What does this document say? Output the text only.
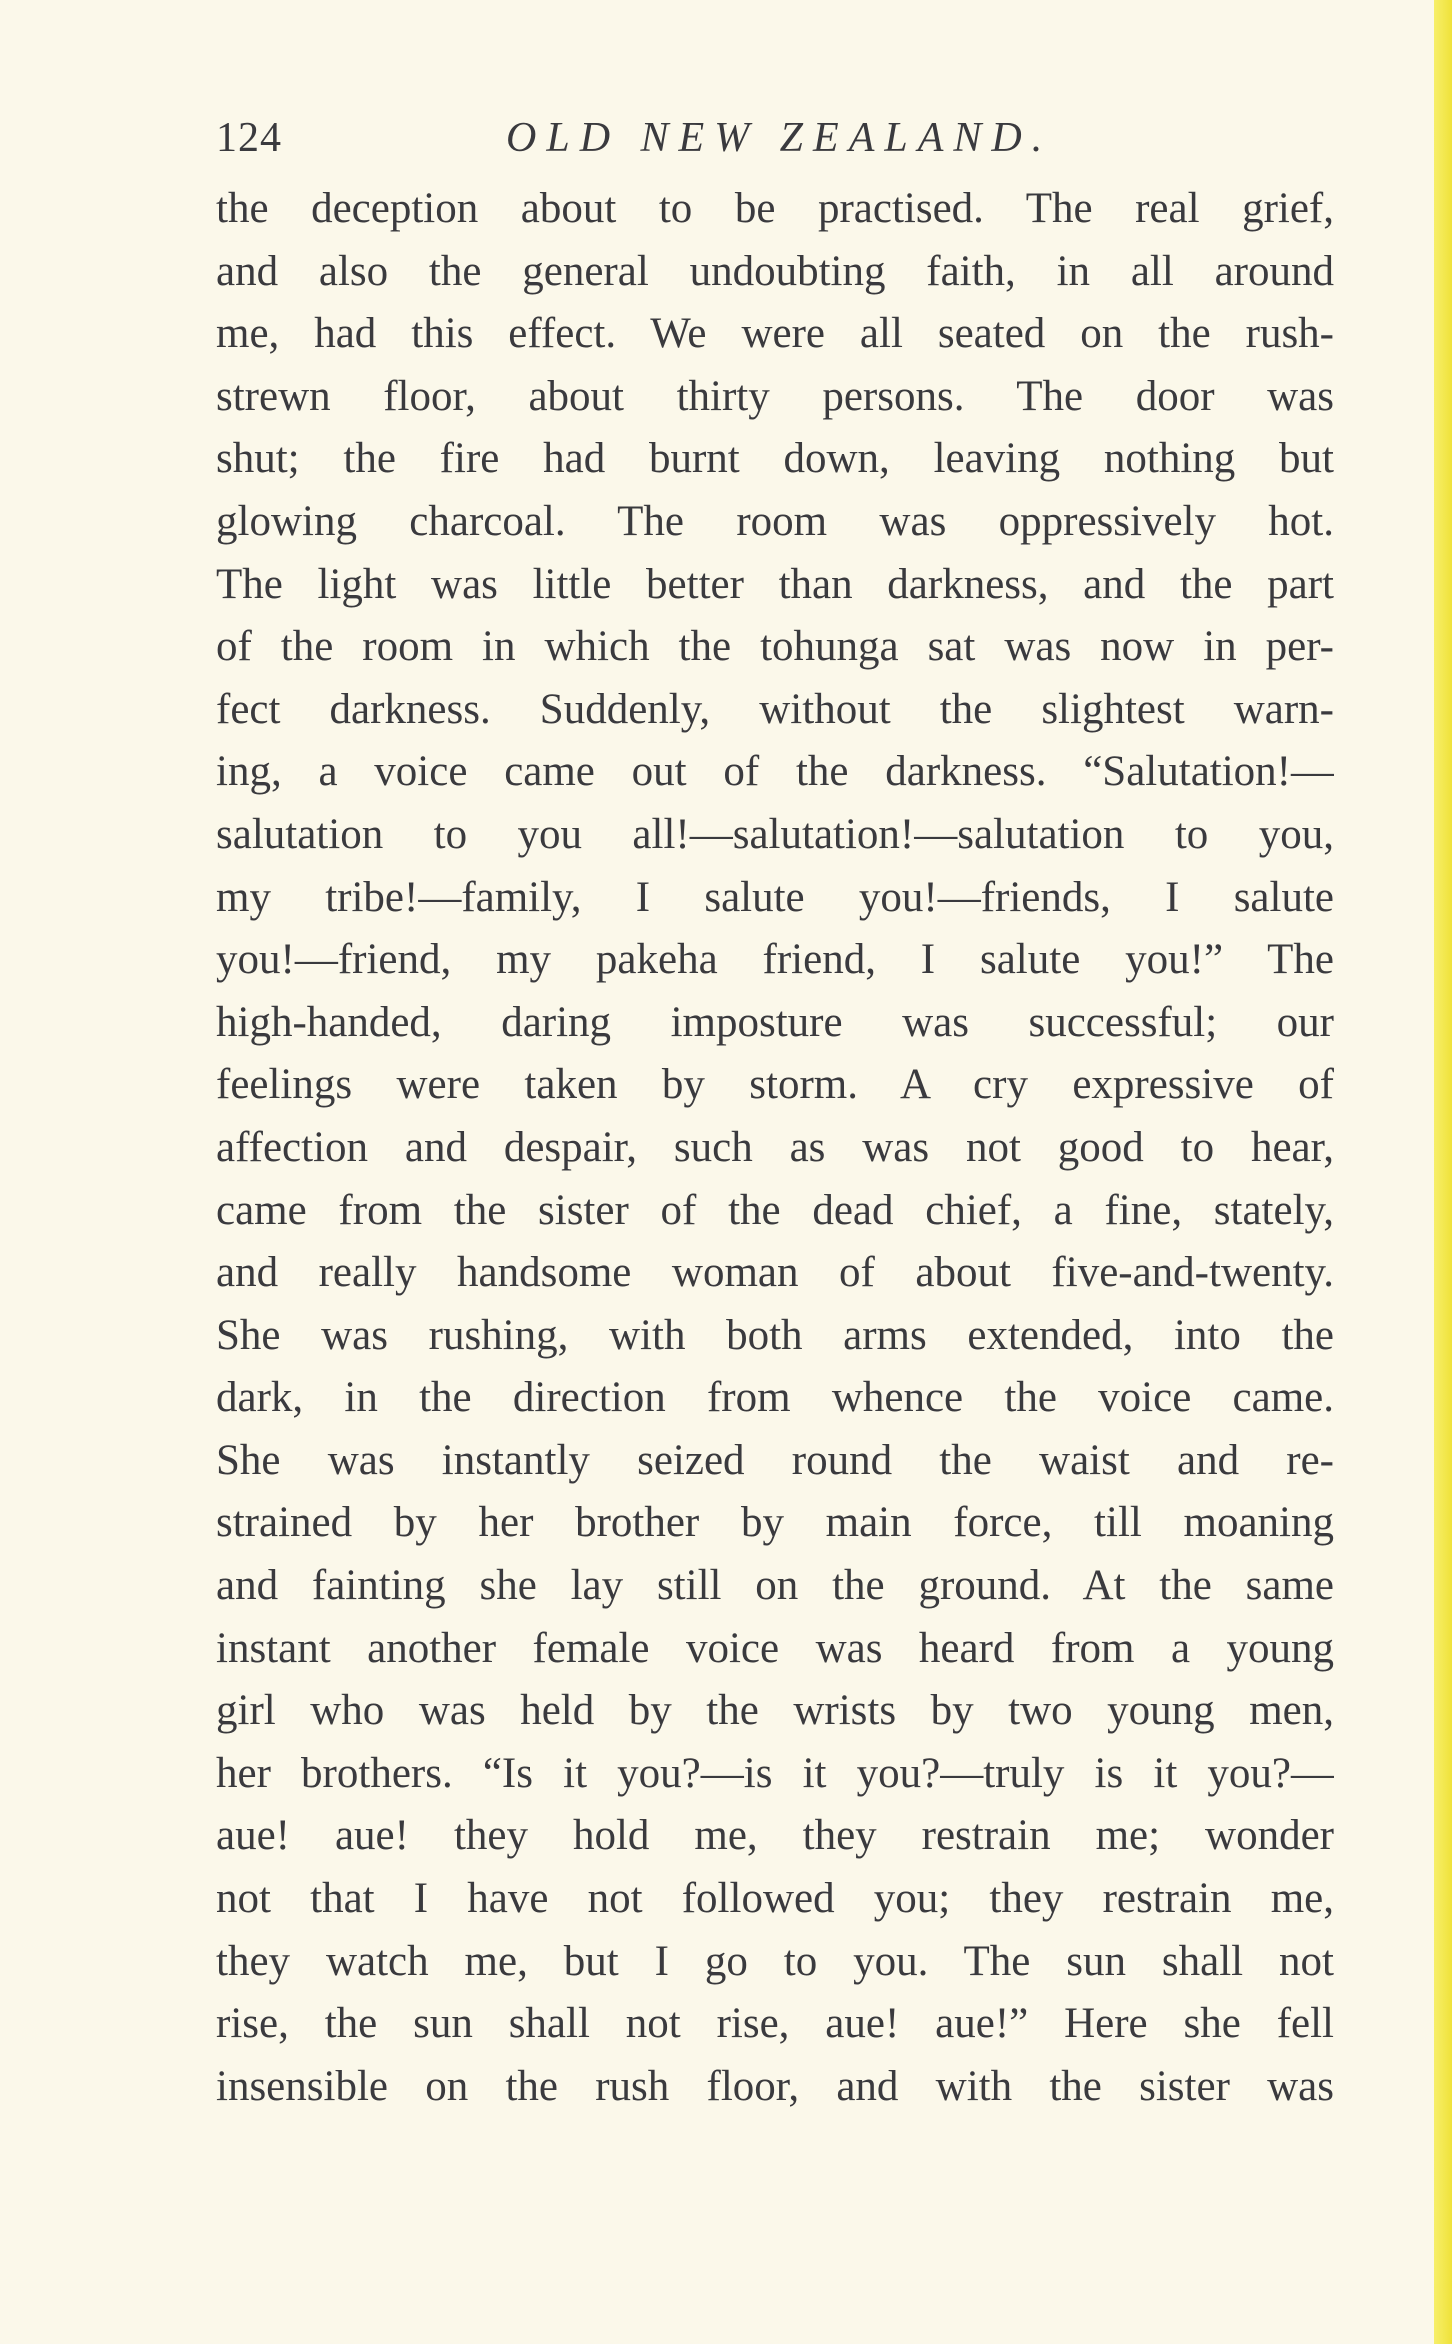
124	OLD NEW ZEALAND.
the deception about to be practised. The real grief,
and also the general undoubting faith, in all around
me, had this effect. We were all seated on the rush-
strewn floor, about thirty persons. The door was
shut; the fire had burnt down, leaving nothing but
glowing charcoal. The room was oppressively hot.
The light was little better than darkness, and the part
of the room in which the tohunga sat was now in per-
fect darkness. Suddenly, without the slightest warn-
ing, a voice came out of the darkness. “Salutation!—
salutation to you all!—salutation!—salutation to you,
my tribe!—family, I salute you!—friends, I salute
you!—friend, my pakeha friend, I salute you!” The
high-handed, daring imposture was successful; our
feelings were taken by storm. A cry expressive of
affection and despair, such as was not good to hear,
came from the sister of the dead chief, a fine, stately,
and really handsome woman of about five-and-twenty.
She was rushing, with both arms extended, into the
dark, in the direction from whence the voice came.
She was instantly seized round the waist and re-
strained by her brother by main force, till moaning
and fainting she lay still on the ground. At the same
instant another female voice was heard from a young
girl who was held by the wrists by two young men,
her brothers. “Is it you?—is it you?—truly is it you?—
aue! aue! they hold me, they restrain me; wonder
not that I have not followed you; they restrain me,
they watch me, but I go to you. The sun shall not
rise, the sun shall not rise, aue! aue!” Here she fell
insensible on the rush floor, and with the sister was
